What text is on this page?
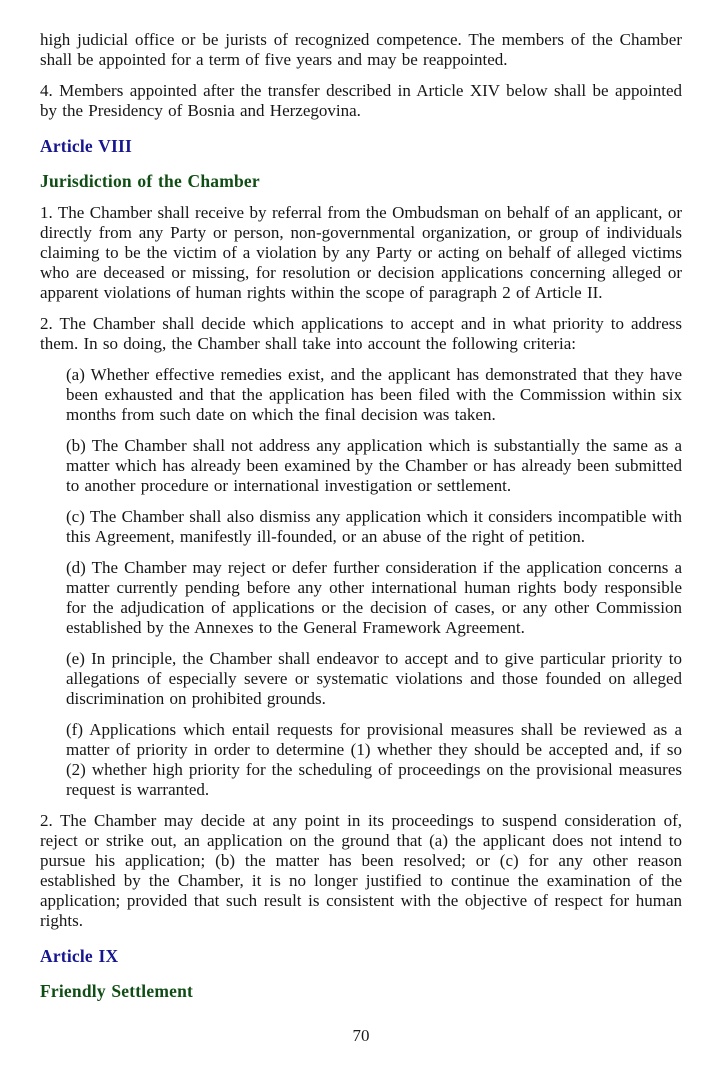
high judicial office or be jurists of recognized competence. The members of the Chamber shall be appointed for a term of five years and may be reappointed.

4. Members appointed after the transfer described in Article XIV below shall be appointed by the Presidency of Bosnia and Herzegovina.

Article VIII

Jurisdiction of the Chamber

1. The Chamber shall receive by referral from the Ombudsman on behalf of an applicant, or directly from any Party or person, non-governmental organization, or group of individuals claiming to be the victim of a violation by any Party or acting on behalf of alleged victims who are deceased or missing, for resolution or decision applications concerning alleged or apparent violations of human rights within the scope of paragraph 2 of Article II.

2. The Chamber shall decide which applications to accept and in what priority to address them. In so doing, the Chamber shall take into account the following criteria:

(a) Whether effective remedies exist, and the applicant has demonstrated that they have been exhausted and that the application has been filed with the Commission within six months from such date on which the final decision was taken.

(b) The Chamber shall not address any application which is substantially the same as a matter which has already been examined by the Chamber or has already been submitted to another procedure or international investigation or settlement.

(c) The Chamber shall also dismiss any application which it considers incompatible with this Agreement, manifestly ill-founded, or an abuse of the right of petition.

(d) The Chamber may reject or defer further consideration if the application concerns a matter currently pending before any other international human rights body responsible for the adjudication of applications or the decision of cases, or any other Commission established by the Annexes to the General Framework Agreement.

(e) In principle, the Chamber shall endeavor to accept and to give particular priority to allegations of especially severe or systematic violations and those founded on alleged discrimination on prohibited grounds.

(f) Applications which entail requests for provisional measures shall be reviewed as a matter of priority in order to determine (1) whether they should be accepted and, if so (2) whether high priority for the scheduling of proceedings on the provisional measures request is warranted.

2. The Chamber may decide at any point in its proceedings to suspend consideration of, reject or strike out, an application on the ground that (a) the applicant does not intend to pursue his application; (b) the matter has been resolved; or (c) for any other reason established by the Chamber, it is no longer justified to continue the examination of the application; provided that such result is consistent with the objective of respect for human rights.

Article IX

Friendly Settlement

70
